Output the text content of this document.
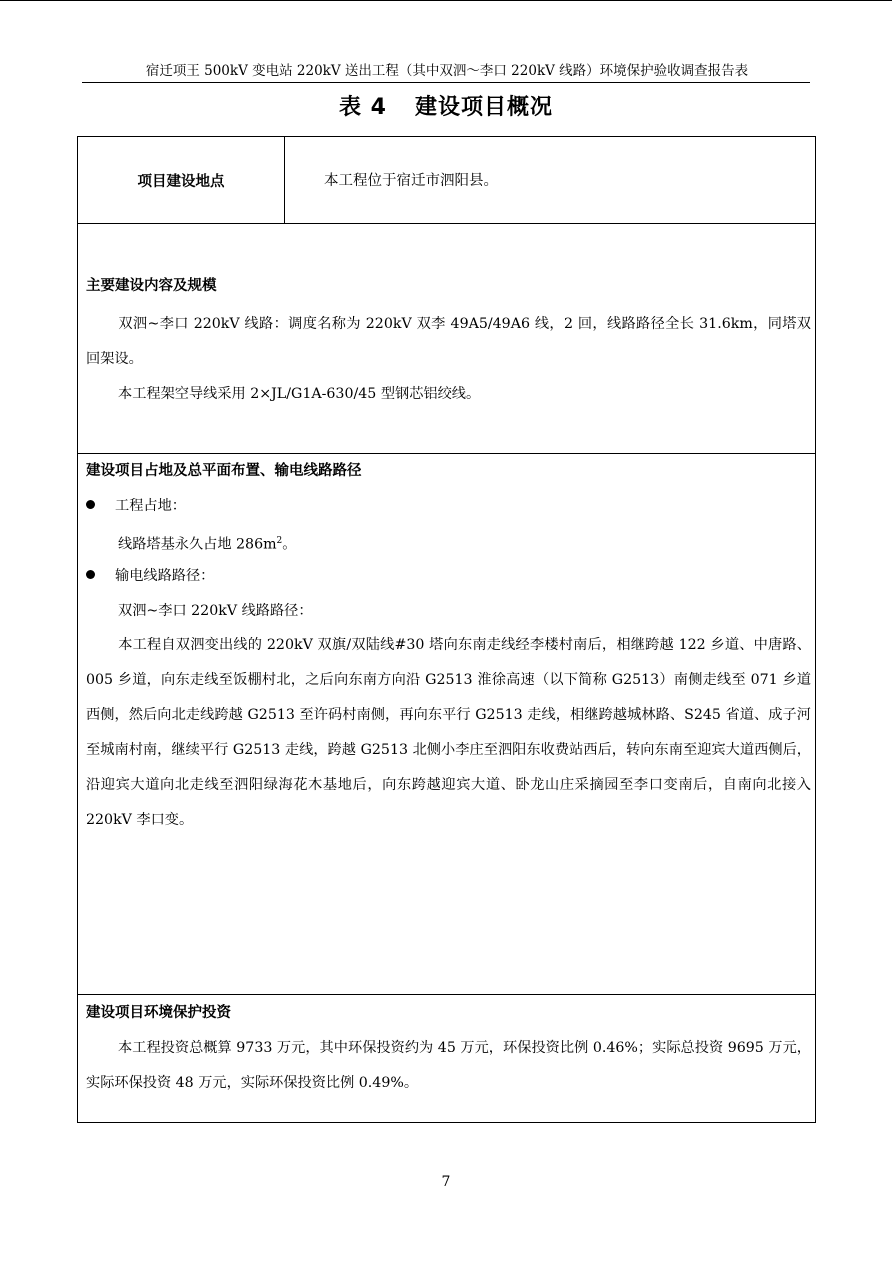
宿迁项王 500kV 变电站 220kV 送出工程（其中双泗～李口 220kV 线路）环境保护验收调查报告表
表 4 建设项目概况
项目建设地点	本工程位于宿迁市泗阳县。
主要建设内容及规模
双泗~李口 220kV 线路：调度名称为 220kV 双李 49A5/49A6 线，2 回，线路路径全长 31.6km，同塔双回架设。
本工程架空导线采用 2×JL/G1A-630/45 型钢芯铝绞线。
建设项目占地及总平面布置、输电线路路径
工程占地：
线路塔基永久占地 $286m^2$。
输电线路路径：
双泗~李口 220kV 线路路径：
本工程自双泗变出线的 220kV 双旗/双陆线#30 塔向东南走线经李楼村南后，相继跨越 122 乡道、中唐路、005 乡道，向东走线至饭棚村北，之后向东南方向沿 G2513 淮徐高速（以下简称 G2513）南侧走线至 071 乡道西侧，然后向北走线跨越 G2513 至许码村南侧，再向东平行 G2513 走线，相继跨越城林路、S245 省道、成子河至城南村南，继续平行 G2513 走线，跨越 G2513 北侧小李庄至泗阳东收费站西后，转向东南至迎宾大道西侧后，沿迎宾大道向北走线至泗阳绿海花木基地后，向东跨越迎宾大道、卧龙山庄采摘园至李口变南后，自南向北接入 220kV 李口变。
建设项目环境保护投资
本工程投资总概算 9733 万元，其中环保投资约为 45 万元，环保投资比例 0.46%；实际总投资 9695 万元，实际环保投资 48 万元，实际环保投资比例 0.49%。
7
